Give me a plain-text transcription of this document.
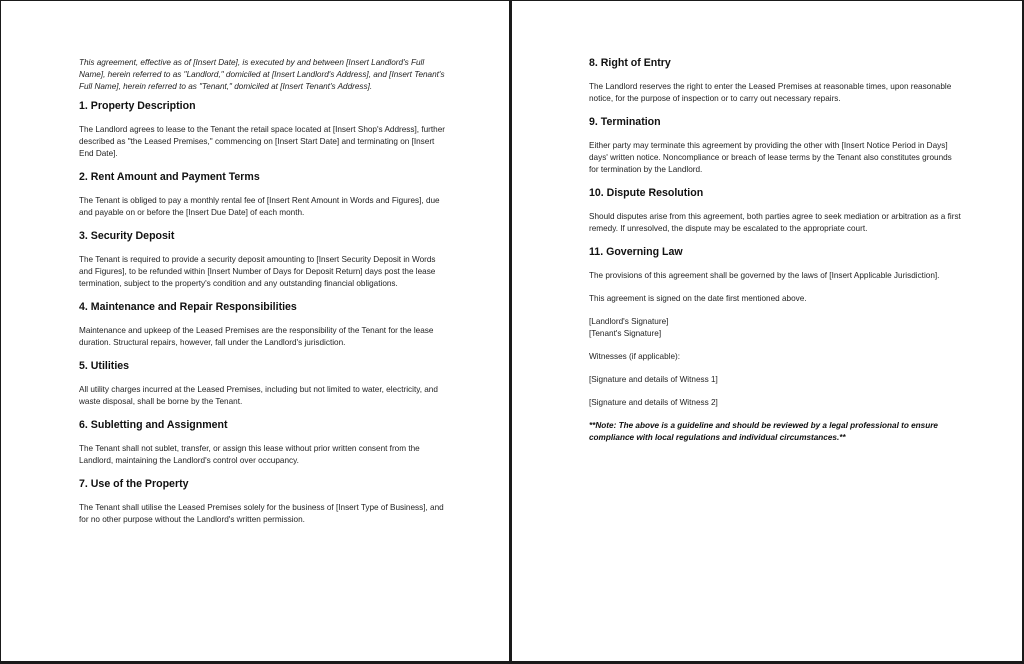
This agreement, effective as of [Insert Date], is executed by and between [Insert Landlord's Full Name], herein referred to as "Landlord," domiciled at [Insert Landlord's Address], and [Insert Tenant's Full Name], herein referred to as "Tenant," domiciled at [Insert Tenant's Address].

1. Property Description

The Landlord agrees to lease to the Tenant the retail space located at [Insert Shop's Address], further described as "the Leased Premises," commencing on [Insert Start Date] and terminating on [Insert End Date].

2. Rent Amount and Payment Terms

The Tenant is obliged to pay a monthly rental fee of [Insert Rent Amount in Words and Figures], due and payable on or before the [Insert Due Date] of each month.

3. Security Deposit

The Tenant is required to provide a security deposit amounting to [Insert Security Deposit in Words and Figures], to be refunded within [Insert Number of Days for Deposit Return] days post the lease termination, subject to the property's condition and any outstanding financial obligations.

4. Maintenance and Repair Responsibilities

Maintenance and upkeep of the Leased Premises are the responsibility of the Tenant for the lease duration. Structural repairs, however, fall under the Landlord's jurisdiction.

5. Utilities

All utility charges incurred at the Leased Premises, including but not limited to water, electricity, and waste disposal, shall be borne by the Tenant.

6. Subletting and Assignment

The Tenant shall not sublet, transfer, or assign this lease without prior written consent from the Landlord, maintaining the Landlord's control over occupancy.

7. Use of the Property

The Tenant shall utilise the Leased Premises solely for the business of [Insert Type of Business], and for no other purpose without the Landlord's written permission.

8. Right of Entry

The Landlord reserves the right to enter the Leased Premises at reasonable times, upon reasonable notice, for the purpose of inspection or to carry out necessary repairs.

9. Termination

Either party may terminate this agreement by providing the other with [Insert Notice Period in Days] days' written notice. Noncompliance or breach of lease terms by the Tenant also constitutes grounds for termination by the Landlord.

10. Dispute Resolution

Should disputes arise from this agreement, both parties agree to seek mediation or arbitration as a first remedy. If unresolved, the dispute may be escalated to the appropriate court.

11. Governing Law

The provisions of this agreement shall be governed by the laws of [Insert Applicable Jurisdiction].

This agreement is signed on the date first mentioned above.

[Landlord's Signature]
[Tenant's Signature]

Witnesses (if applicable):

[Signature and details of Witness 1]

[Signature and details of Witness 2]

**Note: The above is a guideline and should be reviewed by a legal professional to ensure compliance with local regulations and individual circumstances.**
